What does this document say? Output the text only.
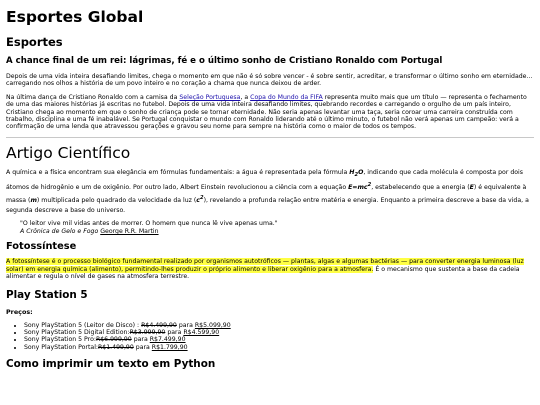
Esportes Global
Esportes
A chance final de um rei: lágrimas, fé e o último sonho de Cristiano Ronaldo com Portugal

Depois de uma vida inteira desafiando limites, chega o momento em que não é só sobre vencer - é sobre sentir, acreditar, e transformar o último sonho em eternidade... carregando nos olhos a história de um povo inteiro e no coração a chama que nunca deixou de arder.

Na última dança de Cristiano Ronaldo com a camisa da Seleção Portuguesa, a Copa do Mundo da FIFA representa muito mais que um título — representa o fechamento de uma das maiores histórias já escritas no futebol. Depois de uma vida inteira desafiando limites, quebrando recordes e carregando o orgulho de um país inteiro, Cristiano chega ao momento em que o sonho de criança pode se tornar eternidade. Não seria apenas levantar uma taça, seria coroar uma carreira construída com trabalho, disciplina e uma fé inabalável. Se Portugal conquistar o mundo com Ronaldo liderando até o último minuto, o futebol não verá apenas um campeão: verá a confirmação de uma lenda que atravessou gerações e gravou seu nome para sempre na história como o maior de todos os tempos.

Artigo Científico

A química e a física encontram sua elegância em fórmulas fundamentais: a água é representada pela fórmula $H_2O$, indicando que cada molécula é composta por dois átomos de hidrogênio e um de oxigênio. Por outro lado, Albert Einstein revolucionou a ciência com a equação $E=mc^2$, estabelecendo que a energia (E) é equivalente à massa (m) multiplicada pelo quadrado da velocidade da luz $(c^2)$, revelando a profunda relação entre matéria e energia. Enquanto a primeira descreve a base da vida, a segunda descreve a base do universo.

"O leitor vive mil vidas antes de morrer. O homem que nunca lê vive apenas uma."
A Crônica de Gelo e Fogo George R.R. Martin
Fotossíntese

A fotossíntese é o processo biológico fundamental realizado por organismos autotróficos — plantas, algas e algumas bactérias — para converter energia luminosa (luz solar) em energia química (alimento), permitindo-lhes produzir o próprio alimento e liberar oxigênio para a atmosfera. É o mecanismo que sustenta a base da cadeia alimentar e regula o nível de gases na atmosfera terrestre.

Play Station 5
Preços:
• Sony PlayStation 5 (Leitor de Disco) : R$4.499,90 para R$5.099,90
• Sony PlayStation 5 Digital Edition:R$3.999,90 para R$4.599,90
• Sony PlayStation 5 Pro:R$6.999,90 para R$7.499,90
• Sony PlayStation Portal:R$1.499,90 para R$1.799,90
Como imprimir um texto em Python
